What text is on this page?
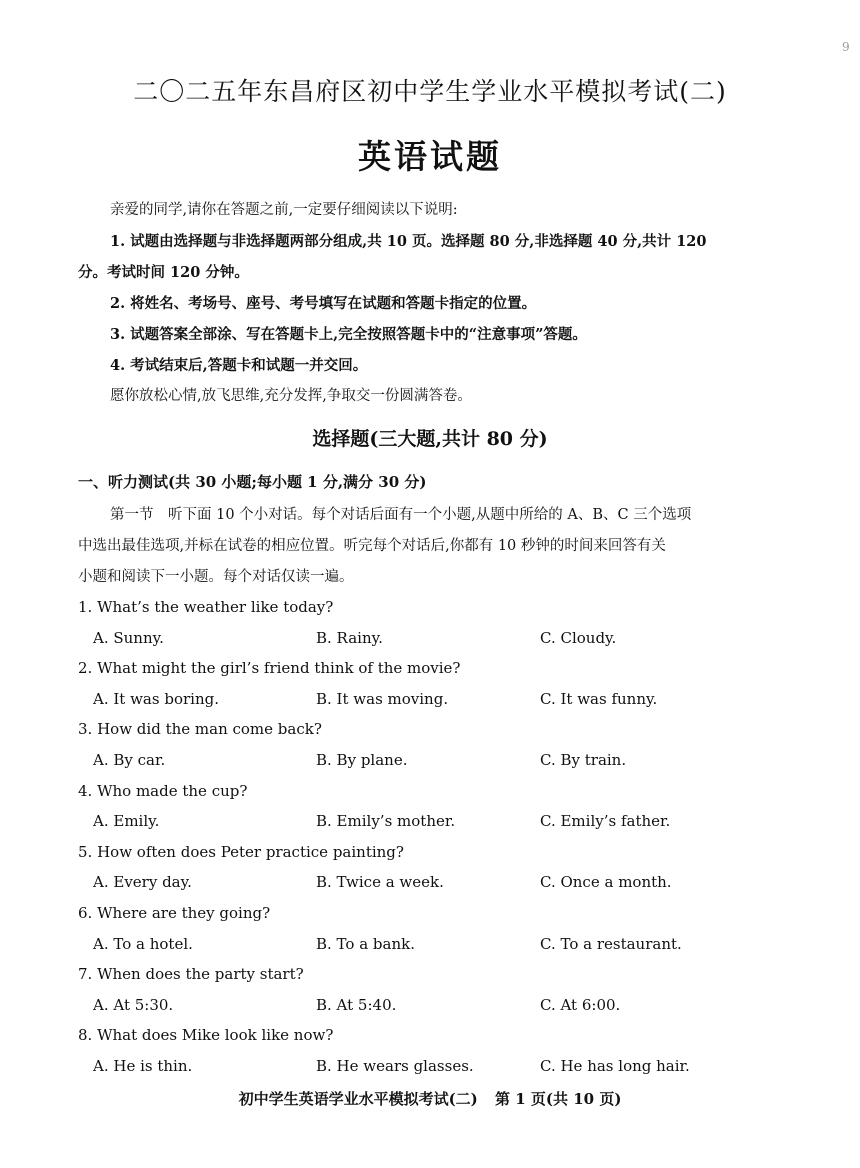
9
二〇二五年东昌府区初中学生学业水平模拟考试(二)
英语试题
亲爱的同学,请你在答题之前,一定要仔细阅读以下说明:
1. 试题由选择题与非选择题两部分组成,共 10 页。选择题 80 分,非选择题 40 分,共计 120
分。考试时间 120 分钟。
2. 将姓名、考场号、座号、考号填写在试题和答题卡指定的位置。
3. 试题答案全部涂、写在答题卡上,完全按照答题卡中的“注意事项”答题。
4. 考试结束后,答题卡和试题一并交回。
愿你放松心情,放飞思维,充分发挥,争取交一份圆满答卷。
选择题(三大题,共计 80 分)
一、听力测试(共 30 小题;每小题 1 分,满分 30 分)
第一节　听下面 10 个小对话。每个对话后面有一个小题,从题中所给的 A、B、C 三个选项
中选出最佳选项,并标在试卷的相应位置。听完每个对话后,你都有 10 秒钟的时间来回答有关
小题和阅读下一小题。每个对话仅读一遍。
1. What’s the weather like today?
A. Sunny.	B. Rainy.	C. Cloudy.
2. What might the girl’s friend think of the movie?
A. It was boring.	B. It was moving.	C. It was funny.
3. How did the man come back?
A. By car.	B. By plane.	C. By train.
4. Who made the cup?
A. Emily.	B. Emily’s mother.	C. Emily’s father.
5. How often does Peter practice painting?
A. Every day.	B. Twice a week.	C. Once a month.
6. Where are they going?
A. To a hotel.	B. To a bank.	C. To a restaurant.
7. When does the party start?
A. At 5:30.	B. At 5:40.	C. At 6:00.
8. What does Mike look like now?
A. He is thin.	B. He wears glasses.	C. He has long hair.
初中学生英语学业水平模拟考试(二) 第 1 页(共 10 页)
